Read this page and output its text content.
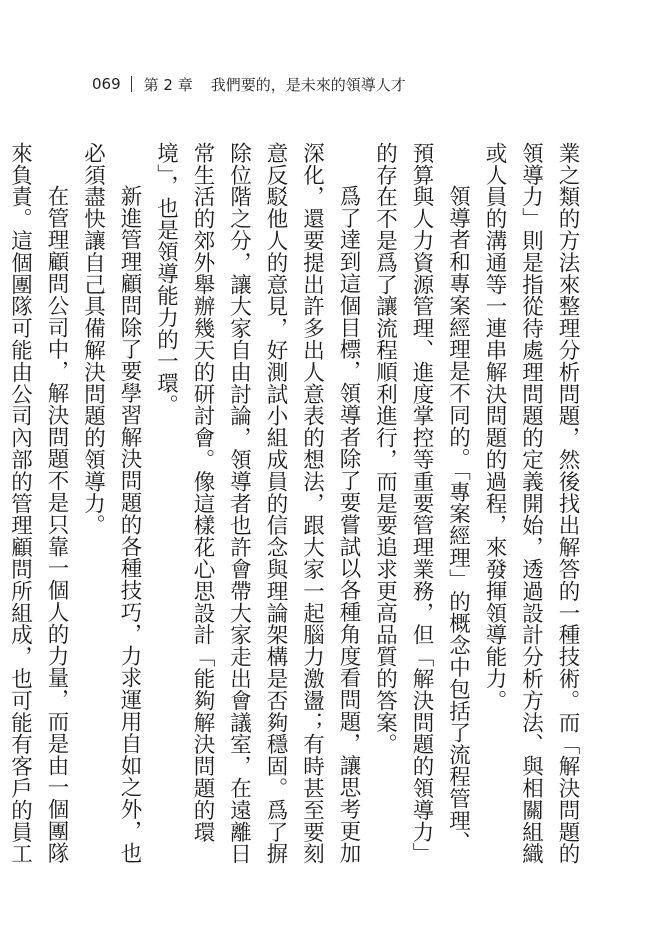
069 第 2 章 我們要的，是未來的領導人才

業之類的方法來整理分析問題，然後找出解答的一種技術。而「解決問題的領導力」則是指從待處理問題的定義開始，透過設計分析方法、與相關組織或人員的溝通等一連串解決問題的過程，來發揮領導能力。

領導者和專案經理是不同的。「專案經理」的概念中包括了流程管理、預算與人力資源管理、進度掌控等重要管理業務，但「解決問題的領導力」的存在不是爲了讓流程順利進行，而是要追求更高品質的答案。

爲了達到這個目標，領導者除了要嘗試以各種角度看問題，讓思考更加深化，還要提出許多出人意表的想法，跟大家一起腦力激盪；有時甚至要刻意反駁他人的意見，好測試小組成員的信念與理論架構是否夠穩固。爲了摒除位階之分，讓大家自由討論，領導者也許會帶大家走出會議室，在遠離日常生活的郊外舉辦幾天的研討會。像這樣花心思設計「能夠解決問題的環境」，也是領導能力的一環。

新進管理顧問除了要學習解決問題的各種技巧，力求運用自如之外，也必須盡快讓自己具備解決問題的領導力。

在管理顧問公司中，解決問題不是只靠一個人的力量，而是由一個團隊來負責。這個團隊可能由公司內部的管理顧問所組成，也可能有客戶的員工
